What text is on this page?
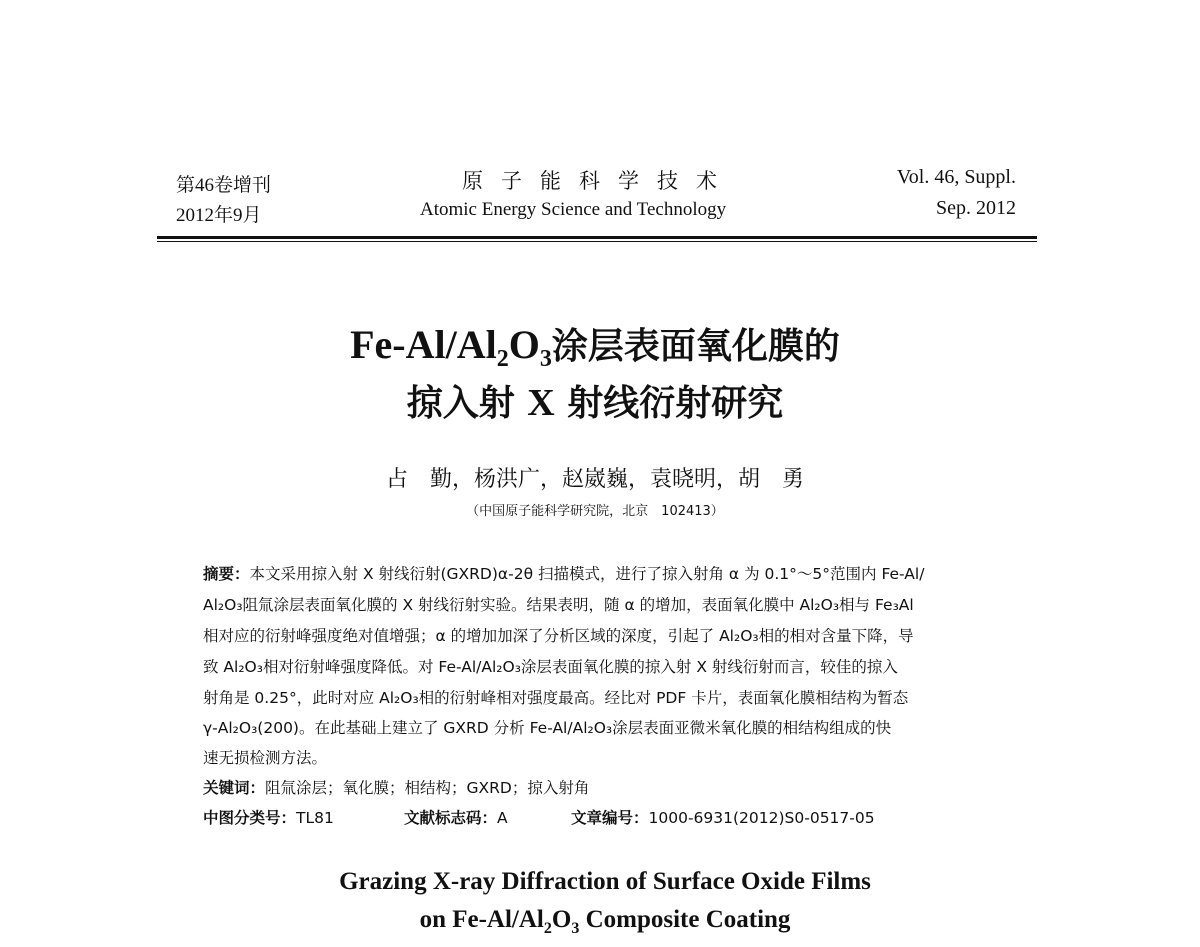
第46卷增刊
2012年9月
原子能科学技术
Atomic Energy Science and Technology
Vol. 46, Suppl.
Sep. 2012
$Fe-Al/Al_2O_3$涂层表面氧化膜的
掠入射 X 射线衍射研究
占　勤，杨洪广，赵崴巍，袁晓明，胡　勇
（中国原子能科学研究院，北京　102413）
摘要：本文采用掠入射 X 射线衍射(GXRD)α-2θ 扫描模式，进行了掠入射角 α 为 0.1°～5°范围内 Fe-Al/
Al₂O₃阻氚涂层表面氧化膜的 X 射线衍射实验。结果表明，随 α 的增加，表面氧化膜中 Al₂O₃相与 Fe₃Al
相对应的衍射峰强度绝对值增强；α 的增加加深了分析区域的深度，引起了 Al₂O₃相的相对含量下降，导
致 Al₂O₃相对衍射峰强度降低。对 Fe-Al/Al₂O₃涂层表面氧化膜的掠入射 X 射线衍射而言，较佳的掠入
射角是 0.25°，此时对应 Al₂O₃相的衍射峰相对强度最高。经比对 PDF 卡片，表面氧化膜相结构为暂态
γ-Al₂O₃(200)。在此基础上建立了 GXRD 分析 Fe-Al/Al₂O₃涂层表面亚微米氧化膜的相结构组成的快
速无损检测方法。
关键词：阻氚涂层；氧化膜；相结构；GXRD；掠入射角
中图分类号：TL81	文献标志码：A	文章编号：1000-6931(2012)S0-0517-05
Grazing X-ray Diffraction of Surface Oxide Films
on $Fe-Al/Al_2O_3$ Composite Coating
